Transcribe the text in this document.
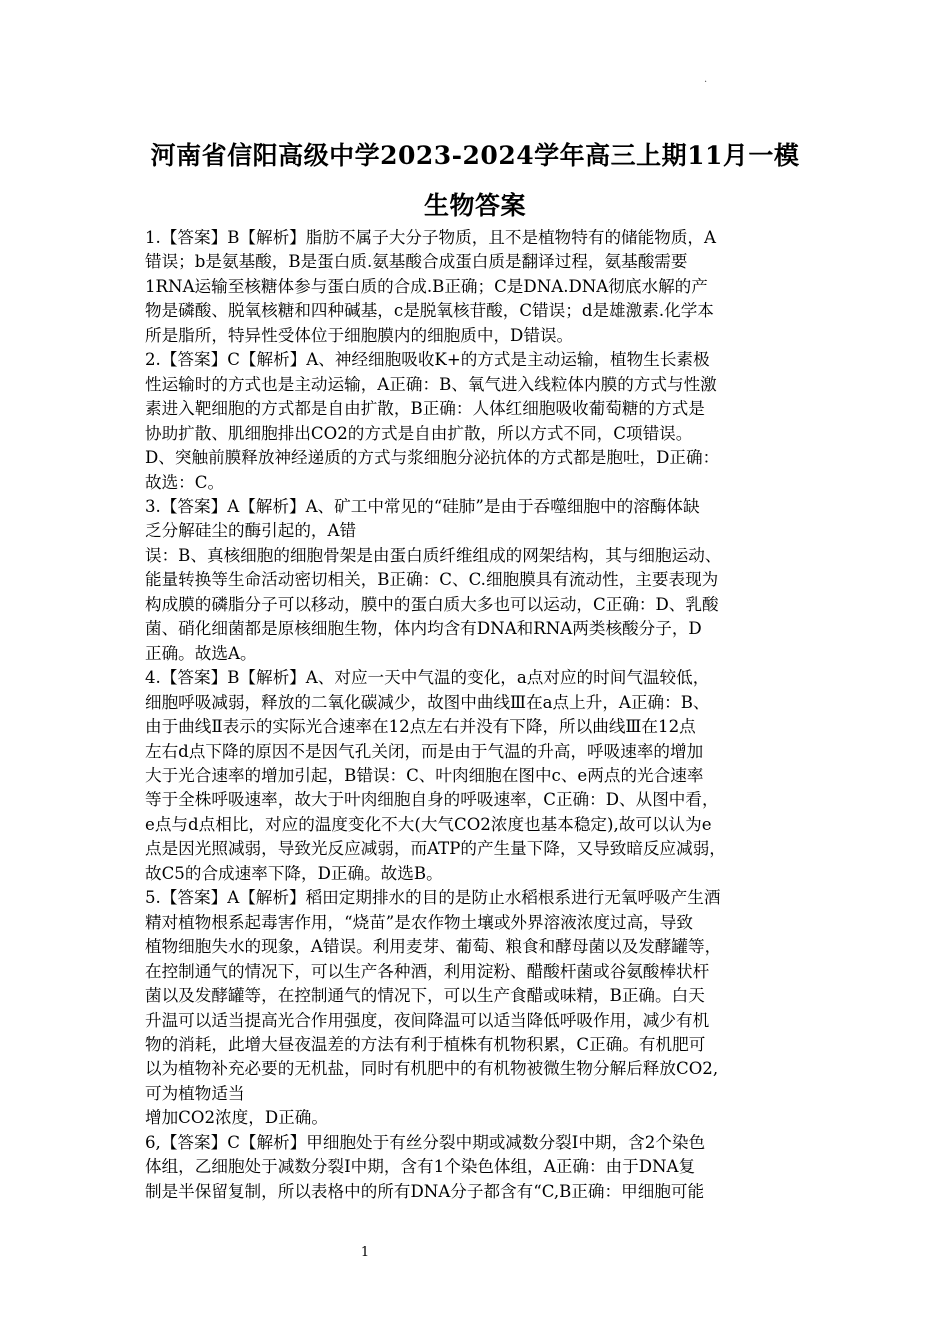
.
河南省信阳高级中学2023-2024学年高三上期11月一模
生物答案

1.【答案】B【解析】脂肪不属子大分子物质，且不是植物特有的储能物质，A

错误；b是氨基酸，B是蛋白质.氨基酸合成蛋白质是翻译过程，氨基酸需要

1RNA运输至核糖体参与蛋白质的合成.B正确；C是DNA.DNA彻底水解的产

物是磷酸、脱氧核糖和四种碱基，c是脱氧核苷酸，C错误；d是雄激素.化学本

所是脂所，特异性受体位于细胞膜内的细胞质中，D错误。

2.【答案】C【解析】A、神经细胞吸收K+的方式是主动运输，植物生长素极

性运输时的方式也是主动运输，A正确：B、氧气进入线粒体内膜的方式与性激

素进入靶细胞的方式都是自由扩散，B正确：人体红细胞吸收葡萄糖的方式是

协助扩散、肌细胞排出CO2的方式是自由扩散，所以方式不同，C项错误。

D、突触前膜释放神经递质的方式与浆细胞分泌抗体的方式都是胞吐，D正确：

故选：C。

3.【答案】A【解析】A、矿工中常见的“硅肺”是由于吞噬细胞中的溶酶体缺

乏分解硅尘的酶引起的，A错

误：B、真核细胞的细胞骨架是由蛋白质纤维组成的网架结构，其与细胞运动、

能量转换等生命活动密切相关，B正确：C、C.细胞膜具有流动性，主要表现为

构成膜的磷脂分子可以移动，膜中的蛋白质大多也可以运动，C正确：D、乳酸

菌、硝化细菌都是原核细胞生物，体内均含有DNA和RNA两类核酸分子，D

正确。故选A。

4.【答案】B【解析】A、对应一天中气温的变化，a点对应的时间气温较低，

细胞呼吸减弱，释放的二氧化碳减少，故图中曲线Ⅲ在a点上升，A正确：B、

由于曲线Ⅱ表示的实际光合速率在12点左右并没有下降，所以曲线Ⅲ在12点

左右d点下降的原因不是因气孔关闭，而是由于气温的升高，呼吸速率的增加

大于光合速率的增加引起，B错误：C、叶肉细胞在图中c、e两点的光合速率

等于全株呼吸速率，故大于叶肉细胞自身的呼吸速率，C正确：D、从图中看，

e点与d点相比，对应的温度变化不大(大气CO2浓度也基本稳定),故可以认为e

点是因光照减弱，导致光反应减弱，而ATP的产生量下降，又导致暗反应减弱，

故C5的合成速率下降，D正确。故选B。

5.【答案】A【解析】稻田定期排水的目的是防止水稻根系进行无氧呼吸产生酒

精对植物根系起毒害作用，“烧苗”是农作物土壤或外界溶液浓度过高，导致

植物细胞失水的现象，A错误。利用麦芽、葡萄、粮食和酵母菌以及发酵罐等，

在控制通气的情况下，可以生产各种酒，利用淀粉、醋酸杆菌或谷氨酸棒状杆

菌以及发酵罐等，在控制通气的情况下，可以生产食醋或味精，B正确。白天

升温可以适当提高光合作用强度，夜间降温可以适当降低呼吸作用，减少有机

物的消耗，此增大昼夜温差的方法有利于植株有机物积累，C正确。有机肥可

以为植物补充必要的无机盐，同时有机肥中的有机物被微生物分解后释放CO2,

可为植物适当

增加CO2浓度，D正确。

6,【答案】C【解析】甲细胞处于有丝分裂中期或减数分裂I中期，含2个染色

体组，乙细胞处于减数分裂I中期，含有1个染色体组，A正确：由于DNA复

制是半保留复制，所以表格中的所有DNA分子都含有“C,B正确：甲细胞可能

1
